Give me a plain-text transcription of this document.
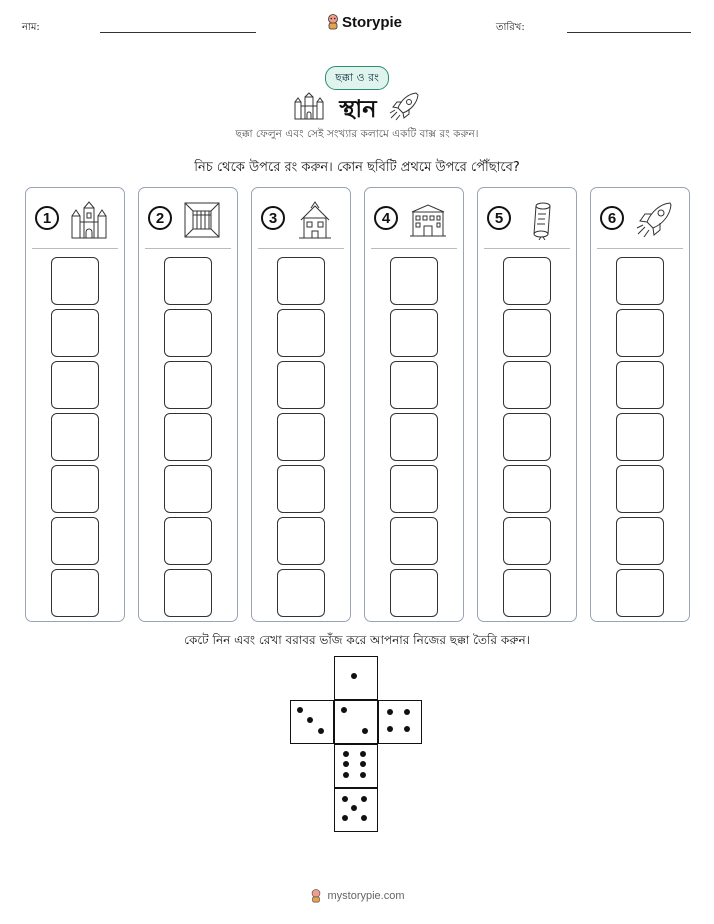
নাম:	Storypie	তারিখ:
ছক্কা ও রং
স্থান
ছক্কা ফেলুন এবং সেই সংখ্যার কলামে একটি বাক্স রং করুন।
নিচ থেকে উপরে রং করুন। কোন ছবিটি প্রথমে উপরে পৌঁছাবে?
1	2	3	4	5	6
কেটে নিন এবং রেখা বরাবর ভাঁজ করে আপনার নিজের ছক্কা তৈরি করুন।
mystorypie.com
